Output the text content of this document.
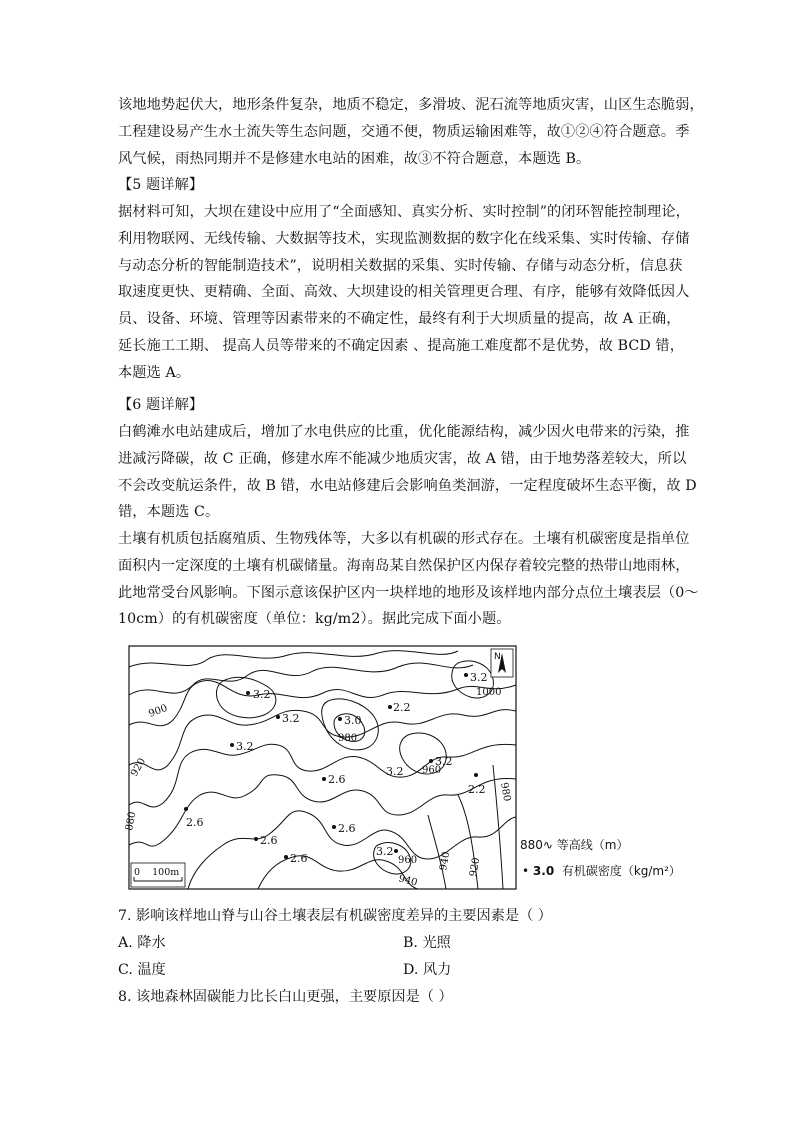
该地地势起伏大，地形条件复杂，地质不稳定，多滑坡、泥石流等地质灾害，山区生态脆弱，

工程建设易产生水土流失等生态问题，交通不便，物质运输困难等，故①②④符合题意。季

风气候，雨热同期并不是修建水电站的困难，故③不符合题意，本题选 B。

【5 题详解】

据材料可知，大坝在建设中应用了“全面感知、真实分析、实时控制”的闭环智能控制理论，

利用物联网、无线传输、大数据等技术，实现监测数据的数字化在线采集、实时传输、存储

与动态分析的智能制造技术”，说明相关数据的采集、实时传输、存储与动态分析，信息获

取速度更快、更精确、全面、高效、大坝建设的相关管理更合理、有序，能够有效降低因人

员、设备、环境、管理等因素带来的不确定性，最终有利于大坝质量的提高，故 A 正确，

延长施工工期、 提高人员等带来的不确定因素 、提高施工难度都不是优势，故 BCD 错，

本题选 A。

【6 题详解】

白鹤滩水电站建成后，增加了水电供应的比重，优化能源结构，减少因火电带来的污染，推

进减污降碳，故 C 正确，修建水库不能减少地质灾害，故 A 错，由于地势落差较大，所以

不会改变航运条件，故 B 错，水电站修建后会影响鱼类洄游，一定程度破坏生态平衡，故 D

错，本题选 C。

土壤有机质包括腐殖质、生物残体等，大多以有机碳的形式存在。土壤有机碳密度是指单位

面积内一定深度的土壤有机碳储量。海南岛某自然保护区内保存着较完整的热带山地雨林，

此地常受台风影响。下图示意该保护区内一块样地的地形及该样地内部分点位土壤表层（0～

10cm）的有机碳密度（单位：kg/m2）。据此完成下面小题。

3.2
3.2	3.0
2.2
3.2
3.2
3.2
3.2
2.6
2.2
2.6
2.6
2.6
2.6
3.2
900
920
880
980
1000
960
940
920
940
960
980
N
0    100m
880∿ 等高线（m）
• 3.0 有机碳密度（kg/m²）
7. 影响该样地山脊与山谷土壤表层有机碳密度差异的主要因素是（ ）
A. 降水	B. 光照
C. 温度	D. 风力
8. 该地森林固碳能力比长白山更强，主要原因是（ ）
